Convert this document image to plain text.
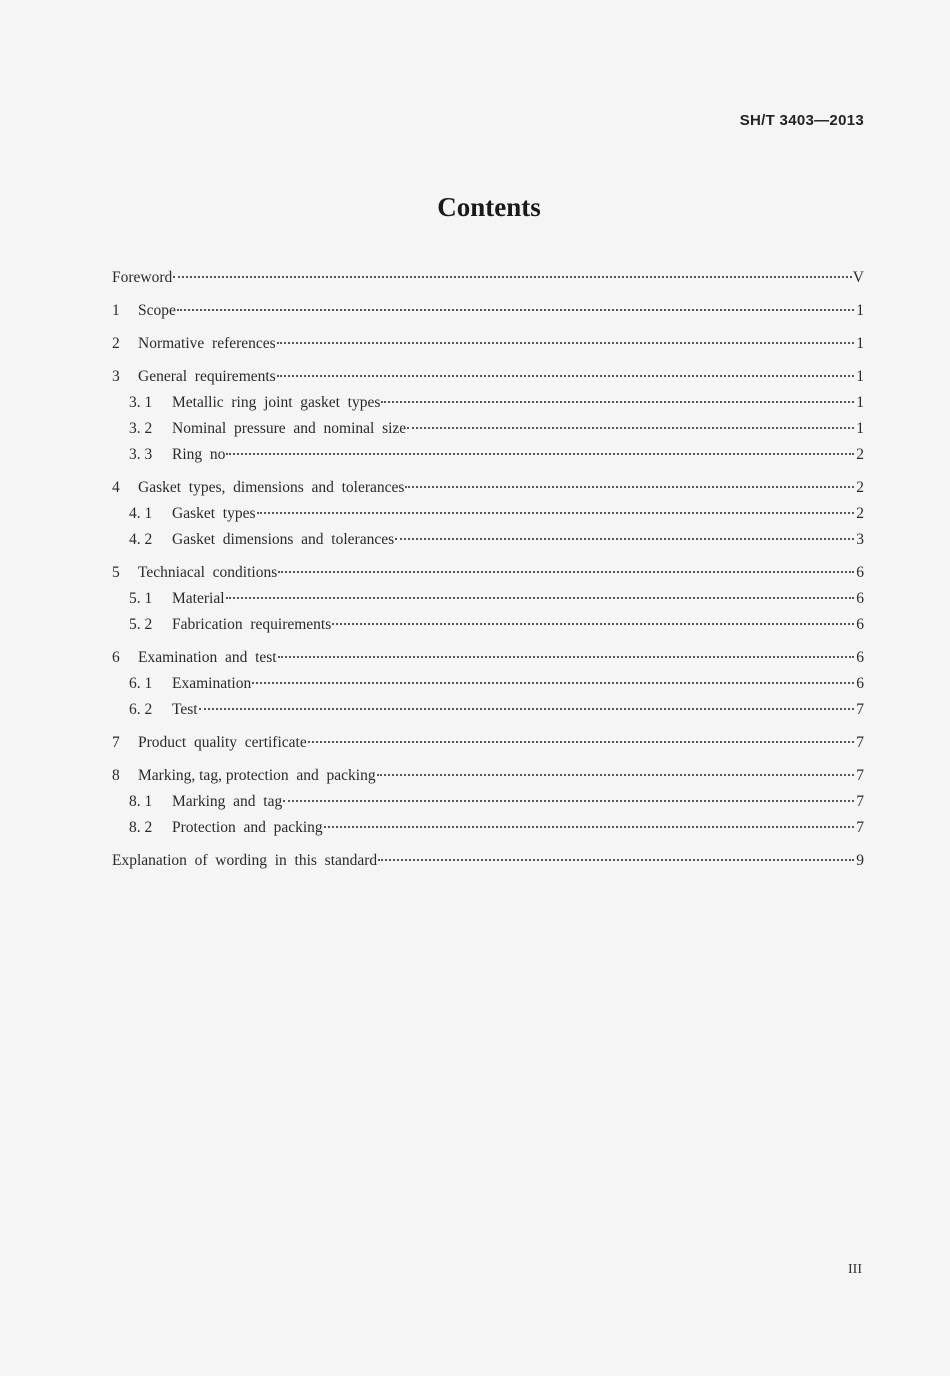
SH/T 3403—2013
Contents
Foreword	V
1	Scope	1
2	Normative  references	1
3	General  requirements	1
3. 1	Metallic  ring  joint  gasket  types	1
3. 2	Nominal  pressure  and  nominal  size	1
3. 3	Ring  no	2
4	Gasket  types,  dimensions  and  tolerances	2
4. 1	Gasket  types	2
4. 2	Gasket  dimensions  and  tolerances	3
5	Techniacal  conditions	6
5. 1	Material	6
5. 2	Fabrication  requirements	6
6	Examination  and  test	6
6. 1	Examination	6
6. 2	Test	7
7	Product  quality  certificate	7
8	Marking, tag, protection  and  packing	7
8. 1	Marking  and  tag	7
8. 2	Protection  and  packing	7
Explanation  of  wording  in  this  standard	9
III
